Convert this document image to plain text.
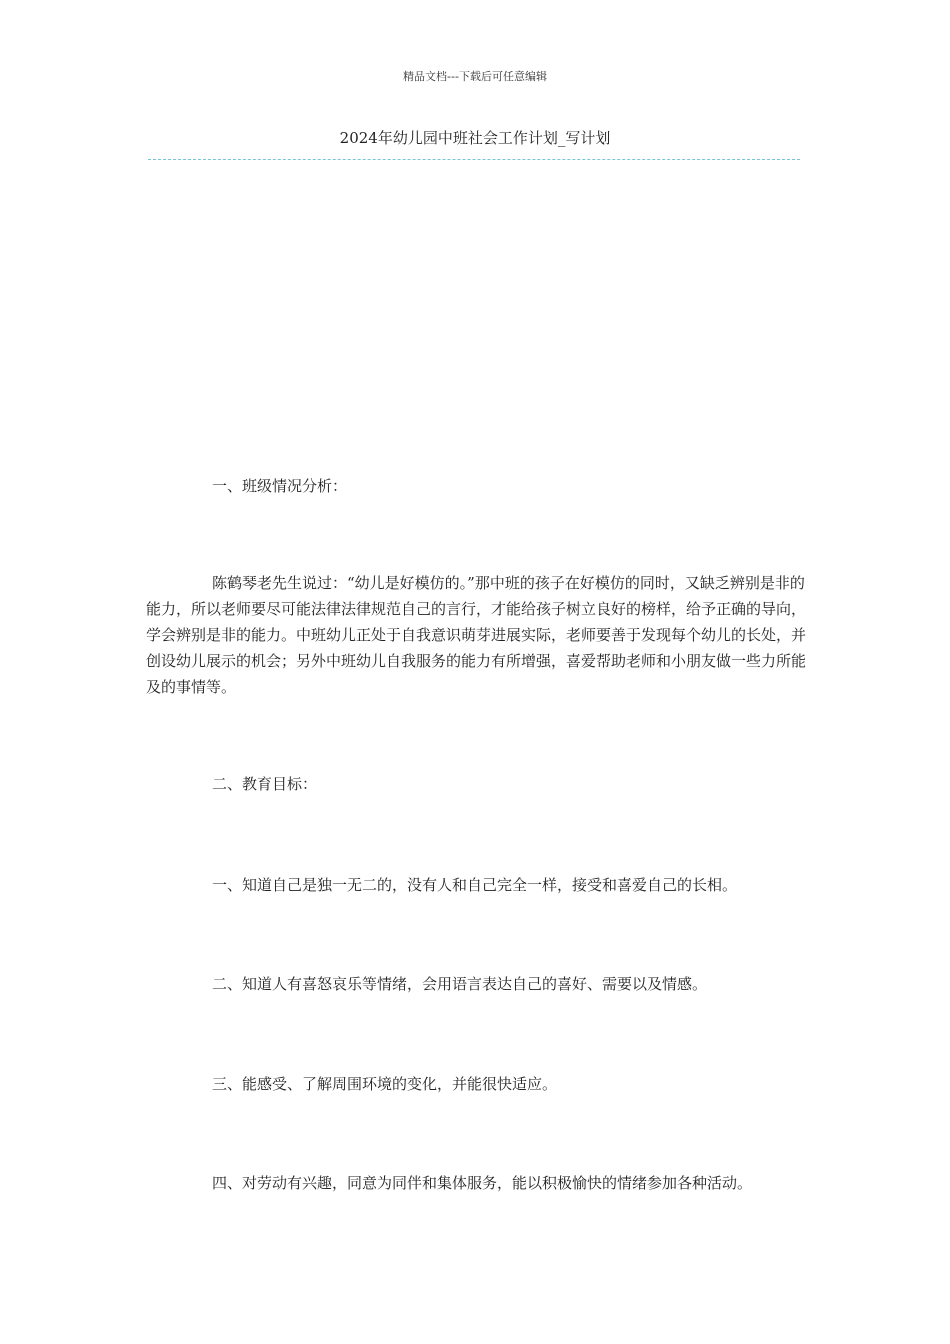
精品文档---下载后可任意编辑
2024年幼儿园中班社会工作计划_写计划

一、班级情况分析：

陈鹤琴老先生说过：“幼儿是好模仿的。”那中班的孩子在好模仿的同时，又缺乏辨别是非的能力，所以老师要尽可能法律法律规范自己的言行，才能给孩子树立良好的榜样，给予正确的导向，学会辨别是非的能力。中班幼儿正处于自我意识萌芽进展实际，老师要善于发现每个幼儿的长处，并创设幼儿展示的机会；另外中班幼儿自我服务的能力有所增强，喜爱帮助老师和小朋友做一些力所能及的事情等。

二、教育目标：

一、知道自己是独一无二的，没有人和自己完全一样，接受和喜爱自己的长相。

二、知道人有喜怒哀乐等情绪，会用语言表达自己的喜好、需要以及情感。

三、能感受、了解周围环境的变化，并能很快适应。

四、对劳动有兴趣，同意为同伴和集体服务，能以积极愉快的情绪参加各种活动。
